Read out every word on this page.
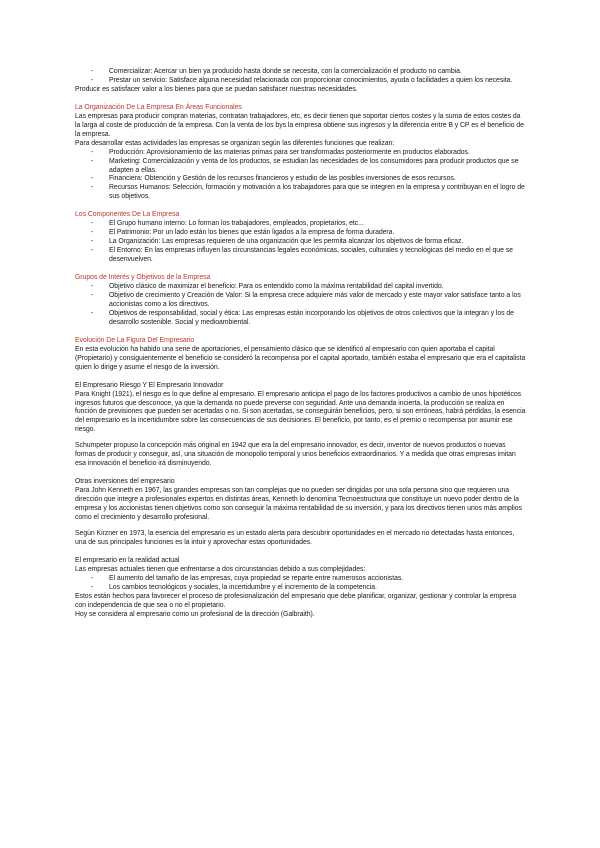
- Comercializar: Acercar un bien ya producido hasta donde se necesita, con la comercialización el producto no cambia.
- Prestar un servicio: Satisface alguna necesidad relacionada con proporcionar conocimientos, ayuda o facilidades a quien los necesita.

Producir es satisfacer valor a los bienes para que se puedan satisfacer nuestras necesidades.

La Organización De La Empresa En Áreas Funcionales

Las empresas para producir compran materias, contratan trabajadores, etc, es decir tienen que soportar ciertos costes y la suma de estos costes da la larga al coste de producción de la empresa. Con la venta de los bys la empresa obtiene sus ingresos y la diferencia entre B y CP es el beneficio de la empresa.

Para desarrollar estas actividades las empresas se organizan según las diferentes funciones que realizan:

- Producción: Aprovisionamiento de las materias primas para ser transformadas posteriormente en productos elaborados.
- Marketing: Comercialización y venta de los productos, se estudian las necesidades de los consumidores para producir productos que se adapten a ellas.
- Financiera: Obtención y Gestión de los recursos financieros y estudio de las posibles inversiones de esos recursos.
- Recursos Humanos: Selección, formación y motivación a los trabajadores para que se integren en la empresa y contribuyan en el logro de sus objetivos.

Los Componentes De La Empresa

- El Grupo humano interno: Lo forman los trabajadores, empleados, propietarios, etc...
- El Patrimonio: Por un lado están los bienes que están ligados a la empresa de forma duradera.
- La Organización: Las empresas requieren de una organización que les permita alcanzar los objetivos de forma eficaz.
- El Entorno: En las empresas influyen las circunstancias legales económicas, sociales, culturales y tecnológicas del medio en el que se desenvuelven.

Grupos de Interés y Objetivos de la Empresa

- Objetivo clásico de maximizar el beneficio: Para os entendido como la máxima rentabilidad del capital invertido.
- Objetivo de crecimiento y Creación de Valor: Si la empresa crece adquiere más valor de mercado y este mayor valor satisface tanto a los accionistas como a los directivos.
- Objetivos de responsabilidad, social y ética: Las empresas están incorporando los objetivos de otros colectivos que la integran y los de desarrollo sostenible. Social y medioambiental.

Evolución De La Figura Del Empresario

En esta evolución ha habido una serie de aportaciones, el pensamiento clásico que se identificó al empresario con quien aportaba el capital (Propietario) y consiguientemente el beneficio se consideró la recompensa por el capital aportado, también estaba el empresario que era el capitalista quien lo dirige y asume el riesgo de la inversión.

El Empresario Riesgo Y El Empresario Innovador

Para Knight (1921), el riesgo es lo que define al empresario. El empresario anticipa el pago de los factores productivos a cambio de unos hipotéticos ingresos futuros que desconoce, ya que la demanda no puede preverse con seguridad. Ante una demanda incierta, la producción se realiza en función de previsiones que pueden ser acertadas o no. Si son acertadas, se conseguirán beneficios, pero, si son erróneas, habrá pérdidas, la esencia del empresario es la incertidumbre sobre las consecuencias de sus decisiones. El beneficio, por tanto, es el premio o recompensa por asumir ese riesgo.

Schumpeter propuso la concepción más original en 1942 que era la del empresario innovador, es decir, inventor de nuevos productos o nuevas formas de producir y conseguir, así, una situación de monopolio temporal y unos beneficios extraordinarios. Y a medida que otras empresas imitan esa innovación el beneficio irá disminuyendo.

Otras inversiones del empresario

Para John Kenneth en 1967, las grandes empresas son tan complejas que no pueden ser dirigidas por una sola persona sino que requieren una dirección que integre a profesionales expertos en distintas áreas, Kenneth lo denomina Tecnoestructura que constituye un nuevo poder dentro de la empresa y los accionistas tienen objetivos como son conseguir la máxima rentabilidad de su inversión, y para los directivos tienen unos más amplios como el crecimiento y desarrollo profesional.

Según Kirzner en 1973, la esencia del empresario es un estado alerta para descubrir oportunidades en el mercado no detectadas hasta entonces, una de sus principales funciones es la intuir y aprovechar estas oportunidades.

El empresario en la realidad actual

Las empresas actuales tienen que enfrentarse a dos circunstancias debido a sus complejidades:

- El aumento del tamaño de las empresas, cuya propiedad se reparte entre numerosos accionistas.
- Los cambios tecnológicos y sociales, la incertidumbre y el incremento de la competencia.

Estos están hechos para favorecer el proceso de profesionalización del empresario que debe planificar, organizar, gestionar y controlar la empresa con independencia de que sea o no el propietario.

Hoy se considera al empresario como un profesional de la dirección (Galbraith).
